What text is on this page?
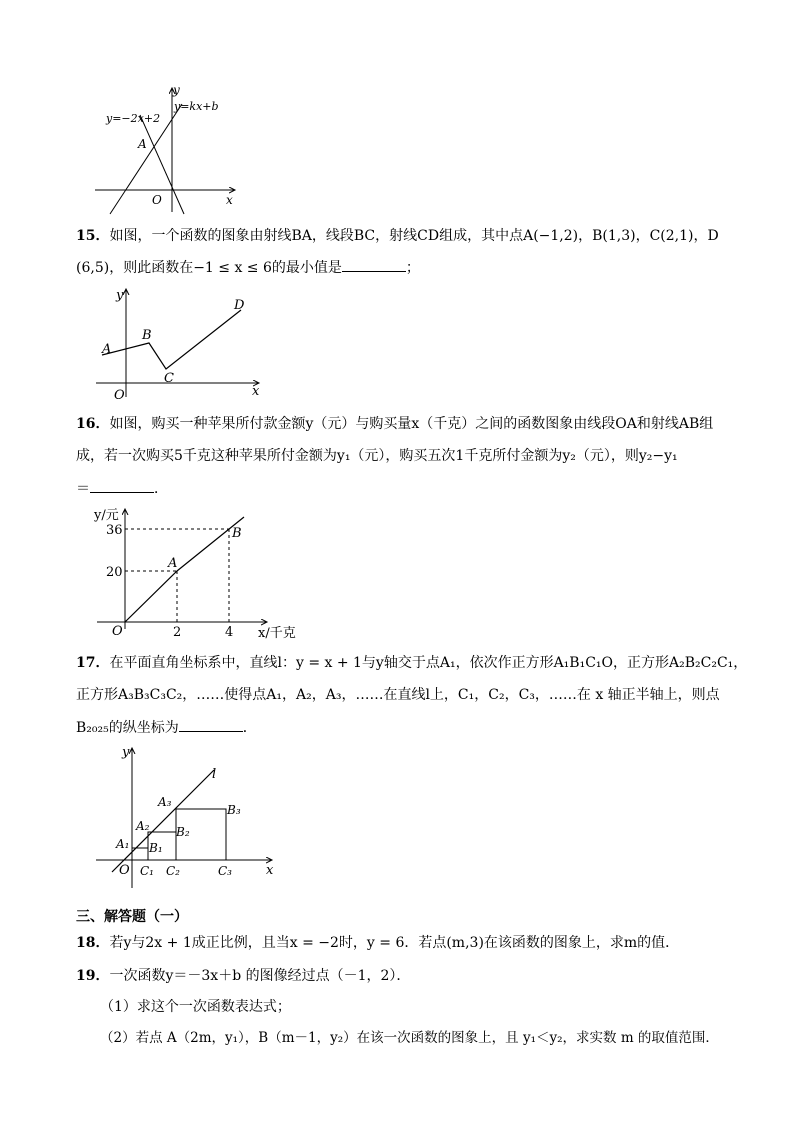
y
x
O
y=−2x+2
y=kx+b
A
15．如图，一个函数的图象由射线BA，线段BC，射线CD组成，其中点A(−1,2)，B(1,3)，C(2,1)，D
(6,5)，则此函数在−1 ≤ x ≤ 6的最小值是	；
y
x
O
A
B
C
D
16．如图，购买一种苹果所付款金额y（元）与购买量x（千克）之间的函数图象由线段OA和射线AB组
成，若一次购买5千克这种苹果所付金额为y₁（元），购买五次1千克所付金额为y₂（元），则y₂−y₁
＝	．
y/元
x/千克
O
A
B
36
20
2	4
17．在平面直角坐标系中，直线l：y = x + 1与y轴交于点A₁，依次作正方形A₁B₁C₁O，正方形A₂B₂C₂C₁，
正方形A₃B₃C₃C₂，……使得点A₁，A₂，A₃，……在直线l上，C₁，C₂，C₃，……在 x 轴正半轴上，则点
B₂₀₂₅的纵坐标为	．
y
x
O
l
A₁
A₂
A₃
B₁
B₂
B₃
C₁ C₂	C₃
三、解答题（一）
18．若y与2x + 1成正比例，且当x = −2时，y = 6．若点(m,3)在该函数的图象上，求m的值．
19．一次函数y＝－3x＋b 的图像经过点（－1，2）．
（1）求这个一次函数表达式；
（2）若点 A（2m，y₁），B（m－1，y₂）在该一次函数的图象上，且 y₁＜y₂，求实数 m 的取值范围．
